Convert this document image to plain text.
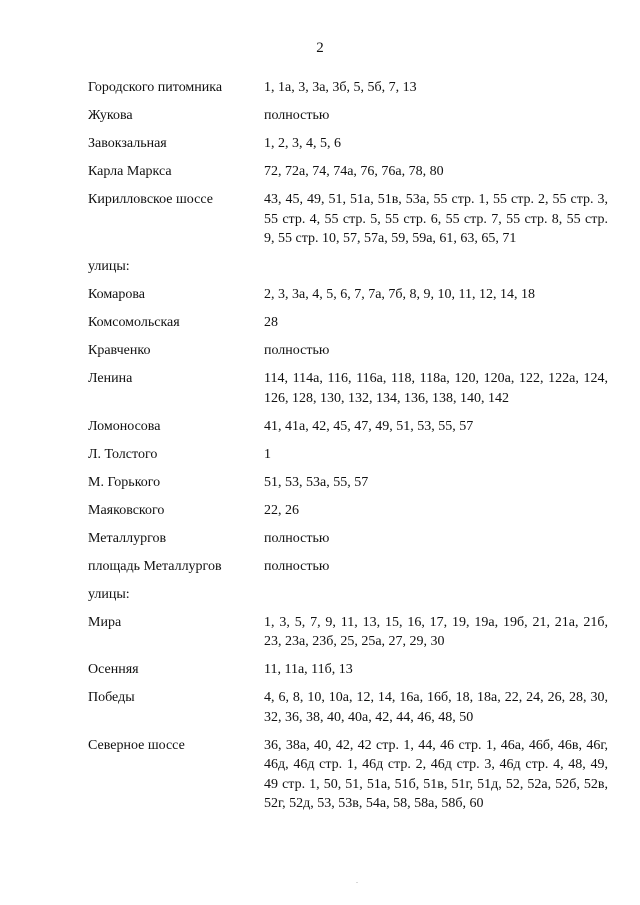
2
Городского питомника	1, 1а, 3, 3а, 3б, 5, 5б, 7, 13
Жукова	полностью
Завокзальная	1, 2, 3, 4, 5, 6
Карла Маркса	72, 72а, 74, 74а, 76, 76а, 78, 80
Кирилловское шоссе	43, 45, 49, 51, 51а, 51в, 53а, 55 стр. 1, 55 стр. 2, 55 стр. 3, 55 стр. 4, 55 стр. 5, 55 стр. 6, 55 стр. 7, 55 стр. 8, 55 стр. 9, 55 стр. 10, 57, 57а, 59, 59а, 61, 63, 65, 71
улицы:
Комарова	2, 3, 3а, 4, 5, 6, 7, 7а, 7б, 8, 9, 10, 11, 12, 14, 18
Комсомольская	28
Кравченко	полностью
Ленина	114, 114а, 116, 116а, 118, 118а, 120, 120а, 122, 122а, 124, 126, 128, 130, 132, 134, 136, 138, 140, 142
Ломоносова	41, 41а, 42, 45, 47, 49, 51, 53, 55, 57
Л. Толстого	1
М. Горького	51, 53, 53а, 55, 57
Маяковского	22, 26
Металлургов	полностью
площадь Металлургов	полностью
улицы:
Мира	1, 3, 5, 7, 9, 11, 13, 15, 16, 17, 19, 19а, 19б, 21, 21а, 21б, 23, 23а, 23б, 25, 25а, 27, 29, 30
Осенняя	11, 11а, 11б, 13
Победы	4, 6, 8, 10, 10а, 12, 14, 16а, 16б, 18, 18а, 22, 24, 26, 28, 30, 32, 36, 38, 40, 40а, 42, 44, 46, 48, 50
Северное шоссе	36, 38а, 40, 42, 42 стр. 1, 44, 46 стр. 1, 46а, 46б, 46в, 46г, 46д, 46д стр. 1, 46д стр. 2, 46д стр. 3, 46д стр. 4, 48, 49, 49 стр. 1, 50, 51, 51а, 51б, 51в, 51г, 51д, 52, 52а, 52б, 52в, 52г, 52д, 53, 53в, 54а, 58, 58а, 58б, 60
.
